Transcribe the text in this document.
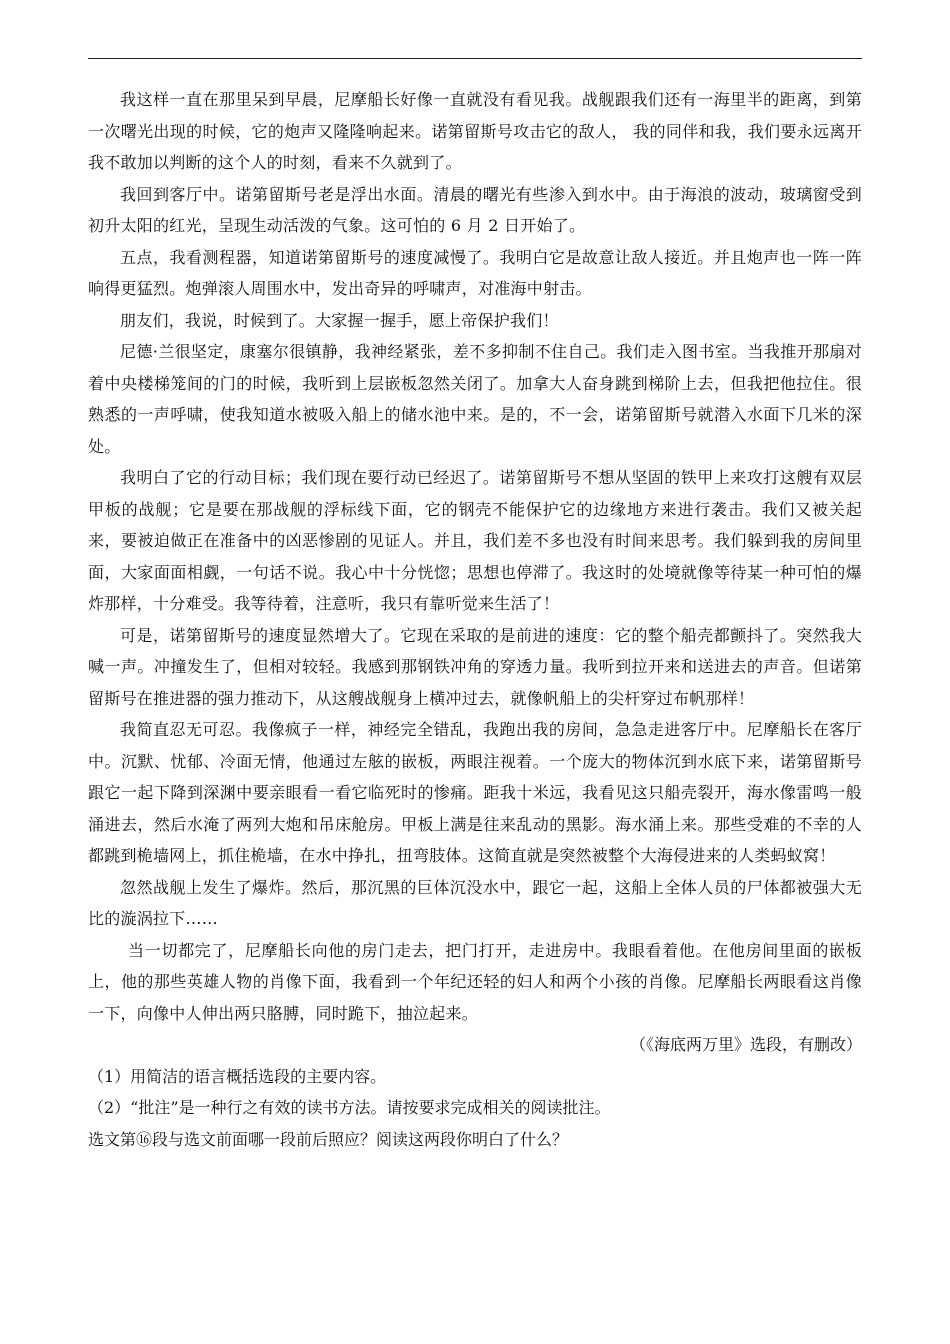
我这样一直在那里呆到早晨，尼摩船长好像一直就没有看见我。战舰跟我们还有一海里半的距离，到第一次曙光出现的时候，它的炮声又隆隆响起来。诺第留斯号攻击它的敌人， 我的同伴和我，我们要永远离开我不敢加以判断的这个人的时刻，看来不久就到了。

我回到客厅中。诺第留斯号老是浮出水面。清晨的曙光有些渗入到水中。由于海浪的波动，玻璃窗受到初升太阳的红光，呈现生动活泼的气象。这可怕的 6 月 2 日开始了。

五点，我看测程器，知道诺第留斯号的速度减慢了。我明白它是故意让敌人接近。并且炮声也一阵一阵响得更猛烈。炮弹滚人周围水中，发出奇异的呼啸声，对准海中射击。

朋友们，我说，时候到了。大家握一握手，愿上帝保护我们！

尼德·兰很坚定，康塞尔很镇静，我神经紧张，差不多抑制不住自己。我们走入图书室。当我推开那扇对着中央楼梯笼间的门的时候，我听到上层嵌板忽然关闭了。加拿大人奋身跳到梯阶上去，但我把他拉住。很熟悉的一声呼啸，使我知道水被吸入船上的储水池中来。是的，不一会，诺第留斯号就潜入水面下几米的深处。

我明白了它的行动目标；我们现在要行动已经迟了。诺第留斯号不想从坚固的铁甲上来攻打这艘有双层甲板的战舰；它是要在那战舰的浮标线下面，它的钢壳不能保护它的边缘地方来进行袭击。我们又被关起来，要被迫做正在准备中的凶恶惨剧的见证人。并且，我们差不多也没有时间来思考。我们躲到我的房间里面，大家面面相觑，一句话不说。我心中十分恍惚；思想也停滞了。我这时的处境就像等待某一种可怕的爆炸那样，十分难受。我等待着，注意听，我只有靠听觉来生活了！

可是，诺第留斯号的速度显然增大了。它现在采取的是前进的速度：它的整个船壳都颤抖了。突然我大喊一声。冲撞发生了，但相对较轻。我感到那钢铁冲角的穿透力量。我听到拉开来和送进去的声音。但诺第留斯号在推进器的强力推动下，从这艘战舰身上横冲过去，就像帆船上的尖杆穿过布帆那样！

我简直忍无可忍。我像疯子一样，神经完全错乱，我跑出我的房间，急急走进客厅中。尼摩船长在客厅中。沉默、忧郁、冷面无情，他通过左舷的嵌板，两眼注视着。一个庞大的物体沉到水底下来，诺第留斯号跟它一起下降到深渊中要亲眼看一看它临死时的惨痛。距我十米远，我看见这只船壳裂开，海水像雷鸣一般涌进去，然后水淹了两列大炮和吊床舱房。甲板上满是往来乱动的黑影。海水涌上来。那些受难的不幸的人都跳到桅墙网上，抓住桅墙，在水中挣扎，扭弯肢体。这简直就是突然被整个大海侵进来的人类蚂蚁窝！

忽然战舰上发生了爆炸。然后，那沉黑的巨体沉没水中，跟它一起，这船上全体人员的尸体都被强大无比的漩涡拉下……

当一切都完了，尼摩船长向他的房门走去，把门打开，走进房中。我眼看着他。在他房间里面的嵌板上，他的那些英雄人物的肖像下面，我看到一个年纪还轻的妇人和两个小孩的肖像。尼摩船长两眼看这肖像一下，向像中人伸出两只胳膊，同时跪下，抽泣起来。

（《海底两万里》选段，有删改）

（1）用简洁的语言概括选段的主要内容。

（2）“批注”是一种行之有效的读书方法。请按要求完成相关的阅读批注。

选文第⑯段与选文前面哪一段前后照应？阅读这两段你明白了什么？
